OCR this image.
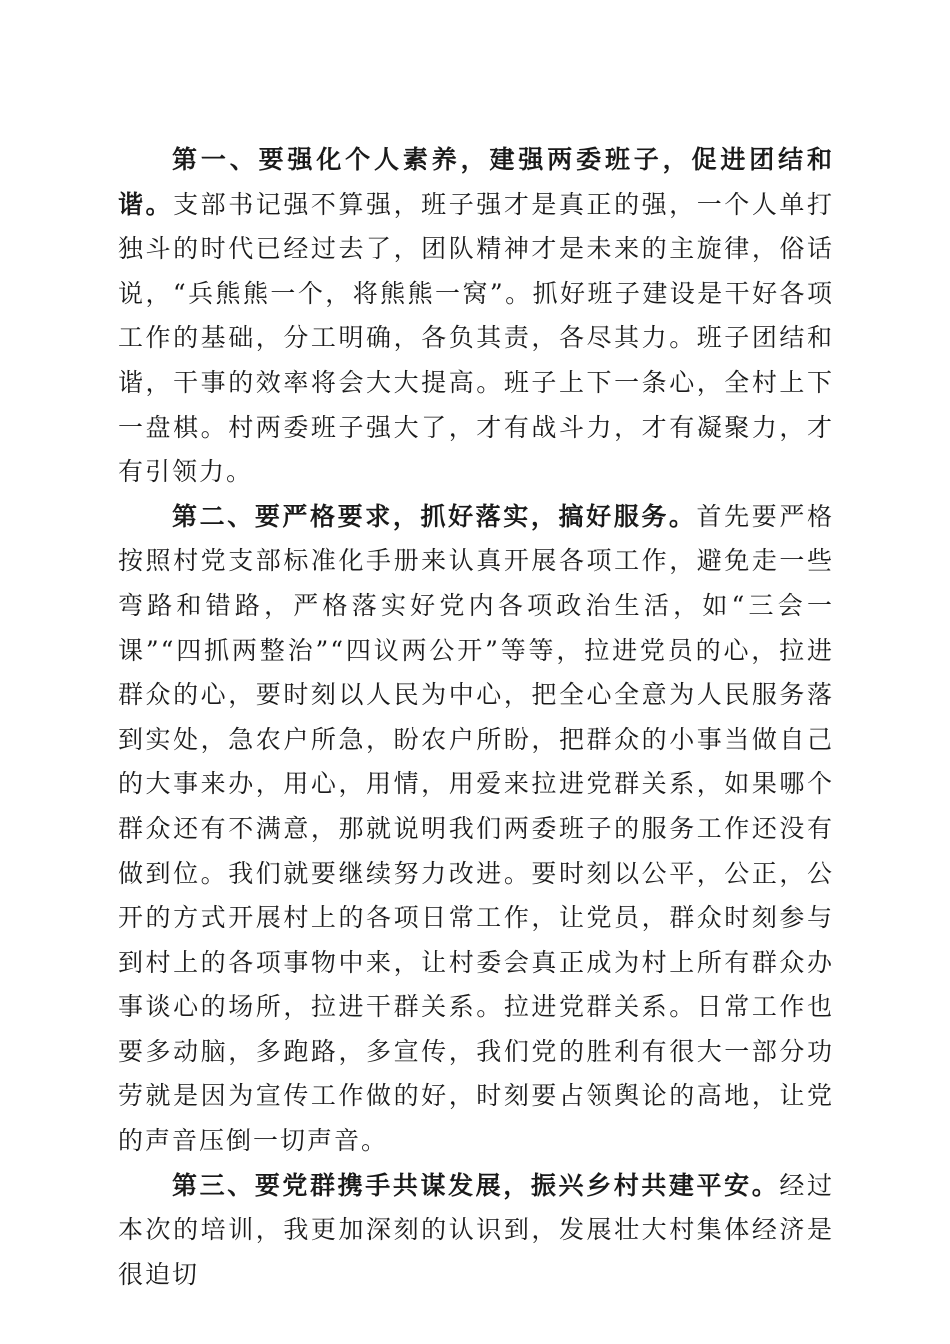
第一、要强化个人素养，建强两委班子，促进团结和谐。支部书记强不算强，班子强才是真正的强，一个人单打独斗的时代已经过去了，团队精神才是未来的主旋律，俗话说，“兵熊熊一个，将熊熊一窝”。抓好班子建设是干好各项工作的基础，分工明确，各负其责，各尽其力。班子团结和谐，干事的效率将会大大提高。班子上下一条心，全村上下一盘棋。村两委班子强大了，才有战斗力，才有凝聚力，才有引领力。

第二、要严格要求，抓好落实，搞好服务。首先要严格按照村党支部标准化手册来认真开展各项工作，避免走一些弯路和错路，严格落实好党内各项政治生活，如“三会一课”“四抓两整治”“四议两公开”等等，拉进党员的心，拉进群众的心，要时刻以人民为中心，把全心全意为人民服务落到实处，急农户所急，盼农户所盼，把群众的小事当做自己的大事来办，用心，用情，用爱来拉进党群关系，如果哪个群众还有不满意，那就说明我们两委班子的服务工作还没有做到位。我们就要继续努力改进。要时刻以公平，公正，公开的方式开展村上的各项日常工作，让党员，群众时刻参与到村上的各项事物中来，让村委会真正成为村上所有群众办事谈心的场所，拉进干群关系。拉进党群关系。日常工作也要多动脑，多跑路，多宣传，我们党的胜利有很大一部分功劳就是因为宣传工作做的好，时刻要占领舆论的高地，让党的声音压倒一切声音。

第三、要党群携手共谋发展，振兴乡村共建平安。经过本次的培训，我更加深刻的认识到，发展壮大村集体经济是很迫切
